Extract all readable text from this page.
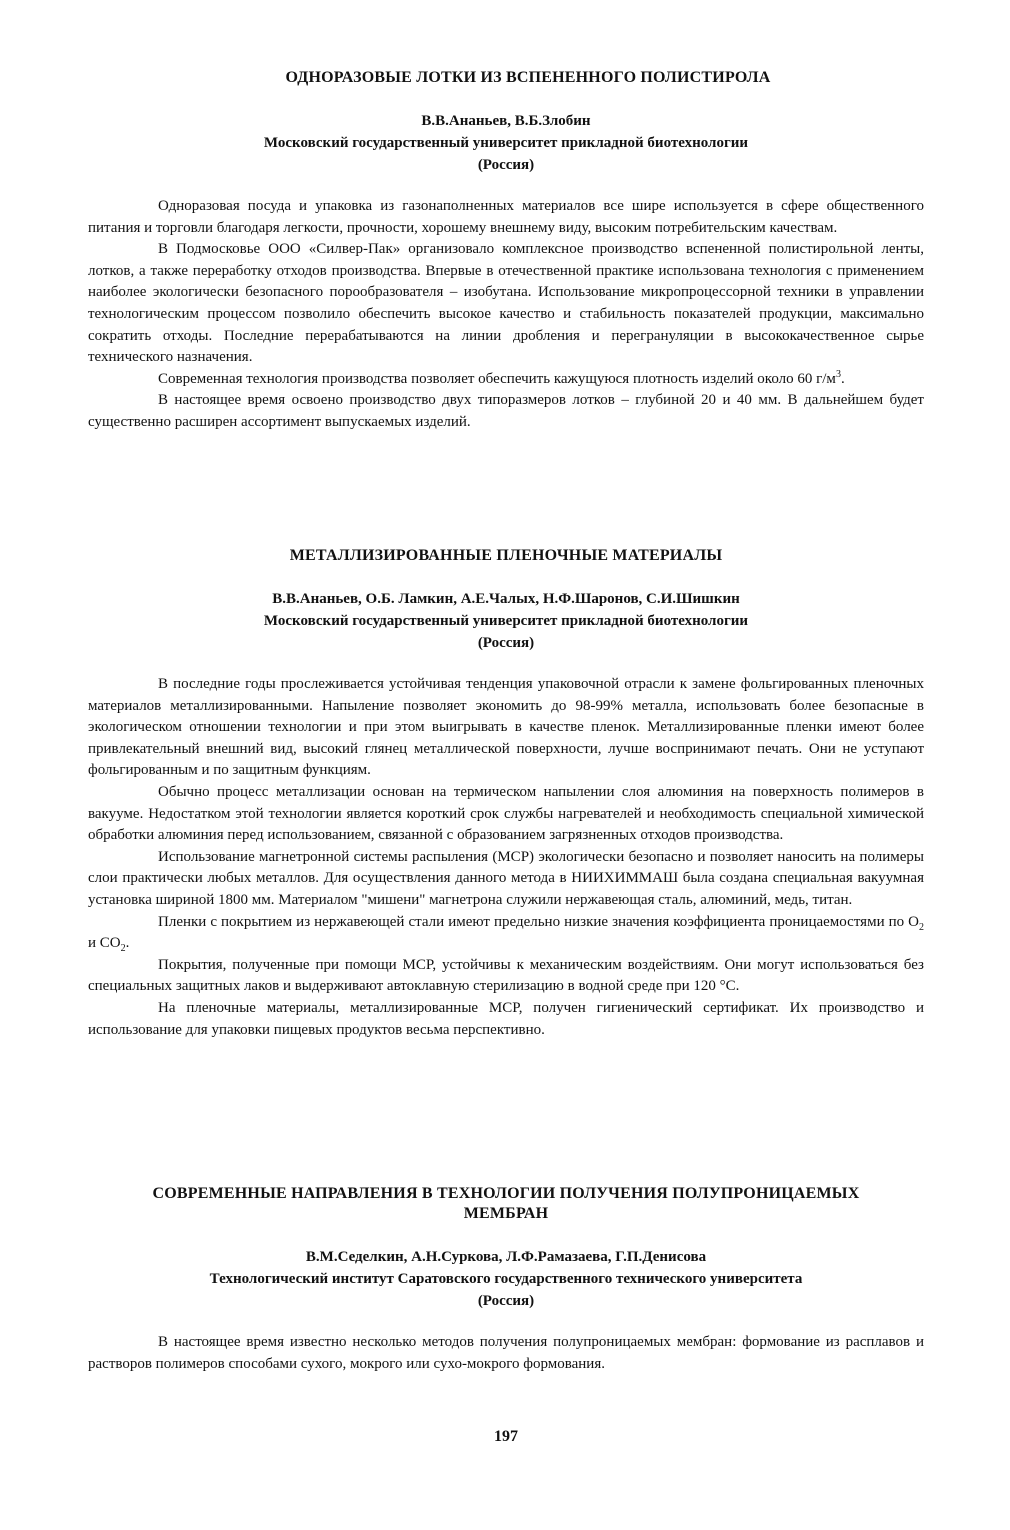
ОДНОРАЗОВЫЕ ЛОТКИ ИЗ ВСПЕНЕННОГО ПОЛИСТИРОЛА

В.В.Ананьев, В.Б.Злобин

Московский государственный университет прикладной биотехнологии

(Россия)

Одноразовая посуда и упаковка из газонаполненных материалов все шире используется в сфере общественного питания и торговли благодаря легкости, прочности, хорошему внешнему виду, высоким потребительским качествам.

В Подмосковье ООО «Силвер-Пак» организовало комплексное производство вспененной полистирольной ленты, лотков, а также переработку отходов производства. Впервые в отечественной практике использована технология с применением наиболее экологически безопасного порообразователя – изобутана. Использование микропроцессорной техники в управлении технологическим процессом позволило обеспечить высокое качество и стабильность показателей продукции, максимально сократить отходы. Последние перерабатываются на линии дробления и перегрануляции в высококачественное сырье технического назначения.

Современная технология производства позволяет обеспечить кажущуюся плотность изделий около 60 $г/м^3$.

В настоящее время освоено производство двух типоразмеров лотков – глубиной 20 и 40 мм. В дальнейшем будет существенно расширен ассортимент выпускаемых изделий.

МЕТАЛЛИЗИРОВАННЫЕ ПЛЕНОЧНЫЕ МАТЕРИАЛЫ

В.В.Ананьев, О.Б. Ламкин, А.Е.Чалых, Н.Ф.Шаронов, С.И.Шишкин

Московский государственный университет прикладной биотехнологии

(Россия)

В последние годы прослеживается устойчивая тенденция упаковочной отрасли к замене фольгированных пленочных материалов металлизированными. Напыление позволяет экономить до 98-99% металла, использовать более безопасные в экологическом отношении технологии и при этом выигрывать в качестве пленок. Металлизированные пленки имеют более привлекательный внешний вид, высокий глянец металлической поверхности, лучше воспринимают печать. Они не уступают фольгированным и по защитным функциям.

Обычно процесс металлизации основан на термическом напылении слоя алюминия на поверхность полимеров в вакууме. Недостатком этой технологии является короткий срок службы нагревателей и необходимость специальной химической обработки алюминия перед использованием, связанной с образованием загрязненных отходов производства.

Использование магнетронной системы распыления (МСР) экологически безопасно и позволяет наносить на полимеры слои практически любых металлов. Для осуществления данного метода в НИИХИММАШ была создана специальная вакуумная установка шириной 1800 мм. Материалом "мишени" магнетрона служили нержавеющая сталь, алюминий, медь, титан.

Пленки с покрытием из нержавеющей стали имеют предельно низкие значения коэффициента проницаемостями по $O_2$ и $CO_2$.

Покрытия, полученные при помощи МСР, устойчивы к механическим воздействиям. Они могут использоваться без специальных защитных лаков и выдерживают автоклавную стерилизацию в водной среде при 120 °С.

На пленочные материалы, металлизированные МСР, получен гигиенический сертификат. Их производство и использование для упаковки пищевых продуктов весьма перспективно.

СОВРЕМЕННЫЕ НАПРАВЛЕНИЯ В ТЕХНОЛОГИИ ПОЛУЧЕНИЯ ПОЛУПРОНИЦАЕМЫХ
МЕМБРАН

В.М.Седелкин, А.Н.Суркова, Л.Ф.Рамазаева, Г.П.Денисова

Технологический институт Саратовского государственного технического университета

(Россия)

В настоящее время известно несколько методов получения полупроницаемых мембран: формование из расплавов и растворов полимеров способами сухого, мокрого или сухо-мокрого формования.

197
